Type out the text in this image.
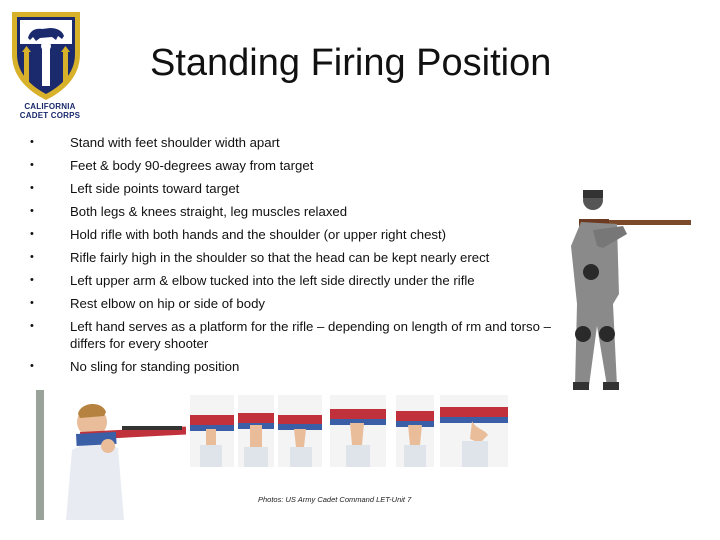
CALIFORNIA
CADET CORPS
Standing Firing Position
•	Stand with feet shoulder width apart
•	Feet & body 90-degrees away from target
•	Left side points toward target
•	Both legs & knees straight, leg muscles relaxed
•	Hold rifle with both hands and the shoulder (or upper right chest)
•	Rifle fairly high in the shoulder so that the head can be kept nearly erect
•	Left upper arm & elbow tucked into the left side directly under the rifle
•	Rest elbow on hip or side of body
•	Left hand serves as a platform for the rifle – depending on length of rm and torso – differs for every shooter
•	No sling for standing position
Photos: US Army Cadet Command LET-Unit 7
